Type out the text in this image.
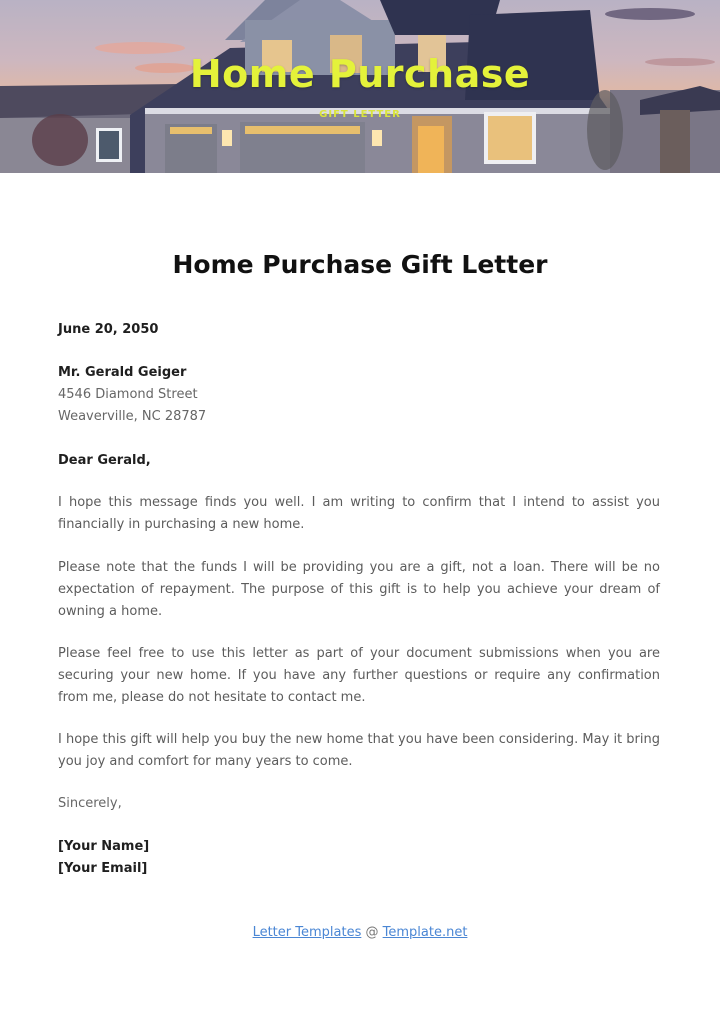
Home Purchase
GIFT LETTER
Home Purchase Gift Letter
June 20, 2050
Mr. Gerald Geiger
4546 Diamond Street
Weaverville, NC 28787
Dear Gerald,

I hope this message finds you well. I am writing to confirm that I intend to assist you financially in purchasing a new home.

Please note that the funds I will be providing you are a gift, not a loan. There will be no expectation of repayment. The purpose of this gift is to help you achieve your dream of owning a home.

Please feel free to use this letter as part of your document submissions when you are securing your new home. If you have any further questions or require any confirmation from me, please do not hesitate to contact me.

I hope this gift will help you buy the new home that you have been considering. May it bring you joy and comfort for many years to come.

Sincerely,
[Your Name]
[Your Email]
Letter Templates @ Template.net
